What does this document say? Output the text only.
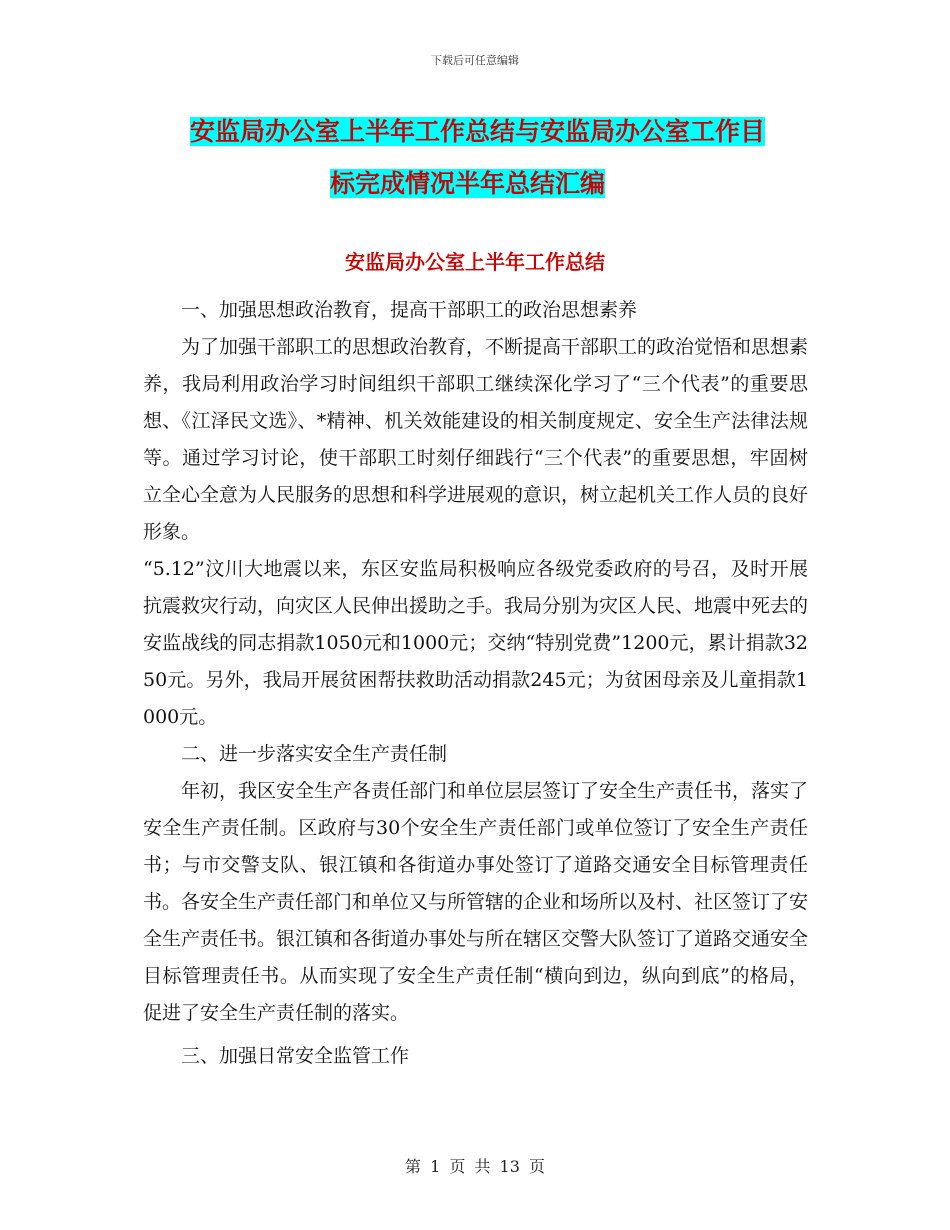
下载后可任意编辑
安监局办公室上半年工作总结与安监局办公室工作目
标完成情况半年总结汇编
安监局办公室上半年工作总结

一、加强思想政治教育，提高干部职工的政治思想素养

为了加强干部职工的思想政治教育，不断提高干部职工的政治觉悟和思想素养，我局利用政治学习时间组织干部职工继续深化学习了“三个代表”的重要思想、《江泽民文选》、*精神、机关效能建设的相关制度规定、安全生产法律法规等。通过学习讨论，使干部职工时刻仔细践行“三个代表”的重要思想，牢固树立全心全意为人民服务的思想和科学进展观的意识，树立起机关工作人员的良好形象。

“5.12”汶川大地震以来，东区安监局积极响应各级党委政府的号召，及时开展抗震救灾行动，向灾区人民伸出援助之手。我局分别为灾区人民、地震中死去的安监战线的同志捐款1050元和1000元；交纳“特别党费”1200元，累计捐款3250元。另外，我局开展贫困帮扶救助活动捐款245元；为贫困母亲及儿童捐款1000元。

二、进一步落实安全生产责任制

年初，我区安全生产各责任部门和单位层层签订了安全生产责任书，落实了安全生产责任制。区政府与30个安全生产责任部门或单位签订了安全生产责任书；与市交警支队、银江镇和各街道办事处签订了道路交通安全目标管理责任书。各安全生产责任部门和单位又与所管辖的企业和场所以及村、社区签订了安全生产责任书。银江镇和各街道办事处与所在辖区交警大队签订了道路交通安全目标管理责任书。从而实现了安全生产责任制“横向到边，纵向到底”的格局，促进了安全生产责任制的落实。

三、加强日常安全监管工作

第 1 页 共 13 页
